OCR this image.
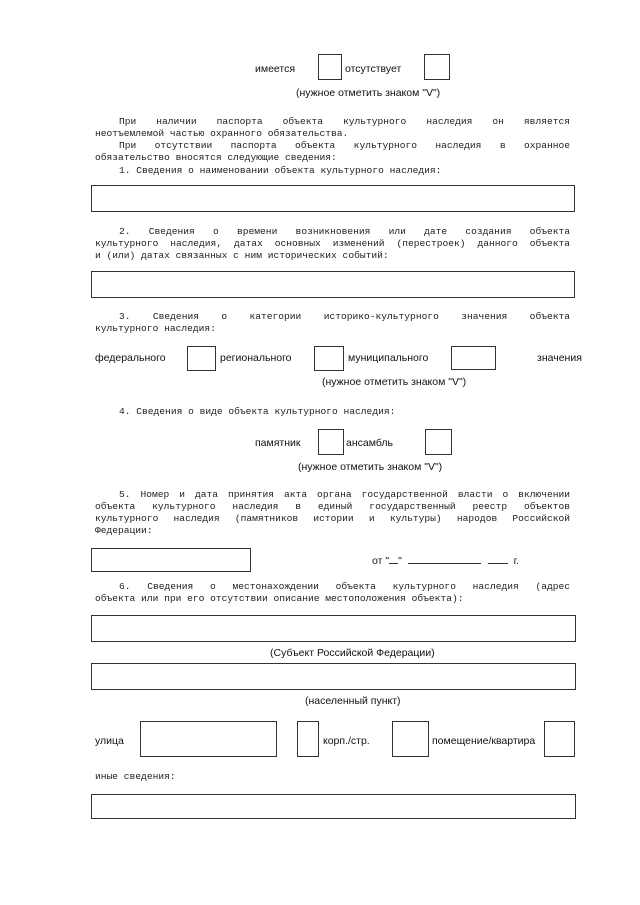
имеется	отсутствует
(нужное отметить знаком "V")
При наличии паспорта объекта культурного наследия он является
неотъемлемой частью охранного обязательства.
При отсутствии паспорта объекта культурного наследия в охранное
обязательство вносятся следующие сведения:
1. Сведения о наименовании объекта культурного наследия:
2. Сведения о времени возникновения или дате создания объекта
культурного наследия, датах основных изменений (перестроек) данного объекта
и (или) датах связанных с ним исторических событий:
3. Сведения о категории историко-культурного значения объекта
культурного наследия:
федерального	регионального	муниципального	значения
(нужное отметить знаком "V")
4. Сведения о виде объекта культурного наследия:
памятник	ансамбль
(нужное отметить знаком "V")
5. Номер и дата принятия акта органа государственной власти о включении
объекта культурного наследия в единый государственный реестр объектов
культурного наследия (памятников истории и культуры) народов Российской
Федерации:
от " "	г.
6. Сведения о местонахождении объекта культурного наследия (адрес
объекта или при его отсутствии описание местоположения объекта):
(Субъект Российской Федерации)
(населенный пункт)
улица	корп./стр.	помещение/квартира
иные сведения:
